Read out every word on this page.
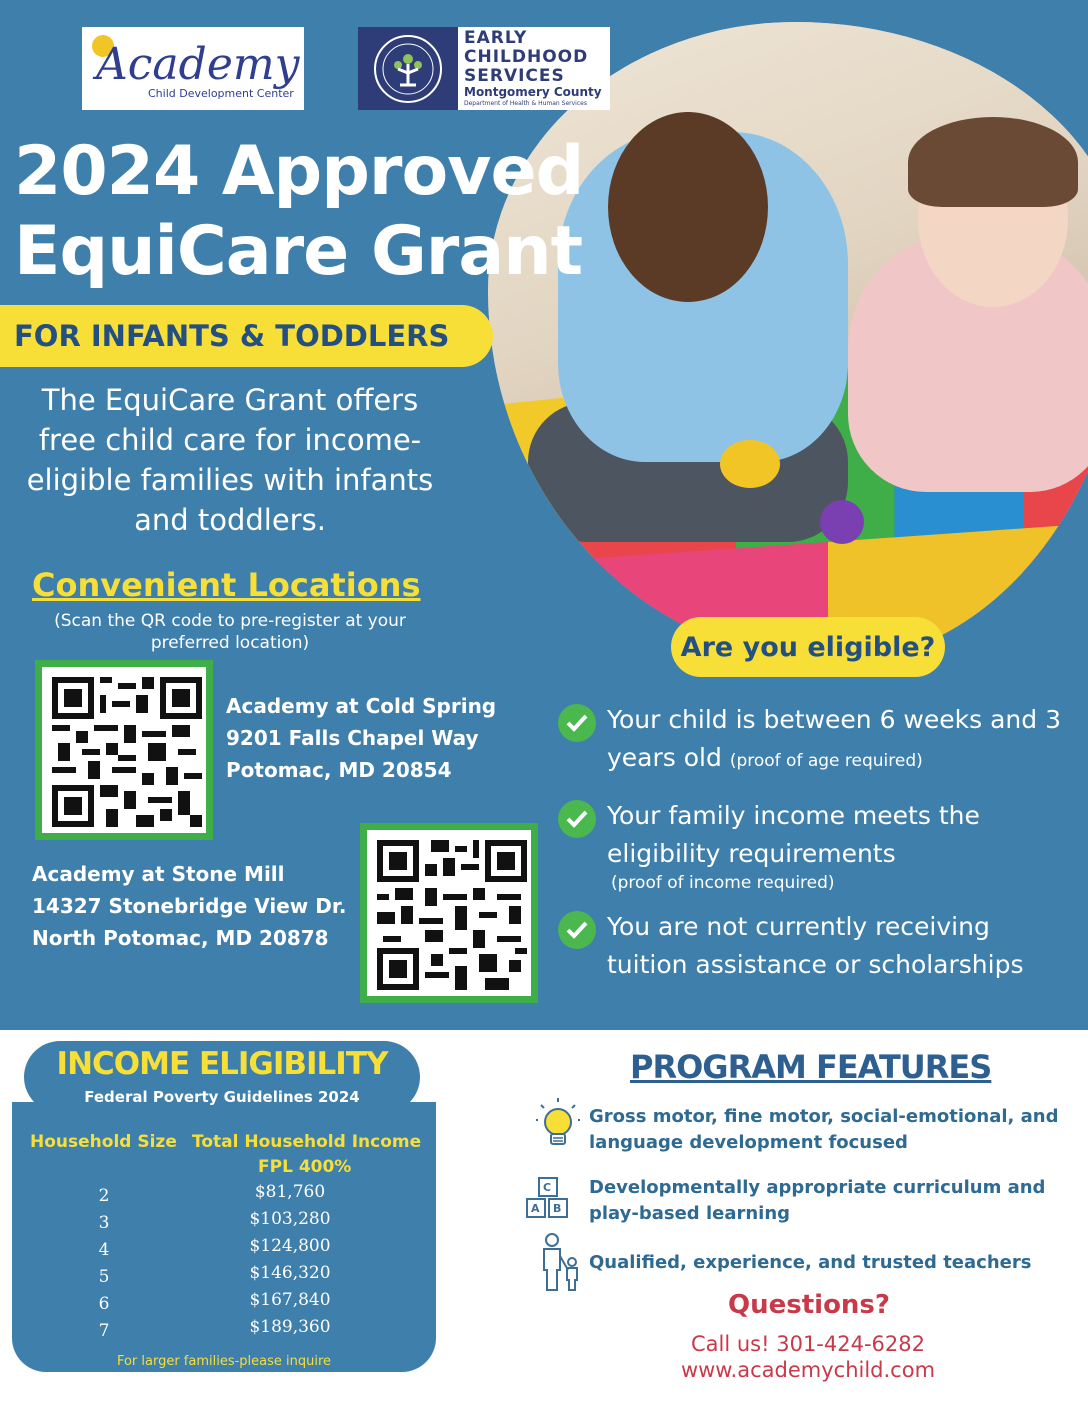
Academy
Child Development Center
EARLY CHILDHOOD SERVICES
Montgomery County
Department of Health & Human Services
2024 Approved
EquiCare Grant
FOR INFANTS & TODDLERS
The EquiCare Grant offers free child care for income-eligible families with infants and toddlers.
Convenient Locations
(Scan the QR code to pre-register at your preferred location)
Academy at Cold Spring
9201 Falls Chapel Way
Potomac, MD 20854
Academy at Stone Mill
14327 Stonebridge View Dr.
North Potomac, MD 20878
Are you eligible?
Your child is between 6 weeks and 3 years old (proof of age required)
Your family income meets the eligibility requirements
(proof of income required)
You are not currently receiving tuition assistance or scholarships
INCOME ELIGIBILITY
Federal Poverty Guidelines 2024
Household Size Total Household Income
FPL 400%
2	$81,760
3	$103,280
4	$124,800
5	$146,320
6	$167,840
7	$189,360
For larger families-please inquire
PROGRAM FEATURES
Gross motor, fine motor, social-emotional, and language development focused
C
A B
Developmentally appropriate curriculum and play-based learning
Qualified, experience, and trusted teachers
Questions?
Call us! 301-424-6282
www.academychild.com
